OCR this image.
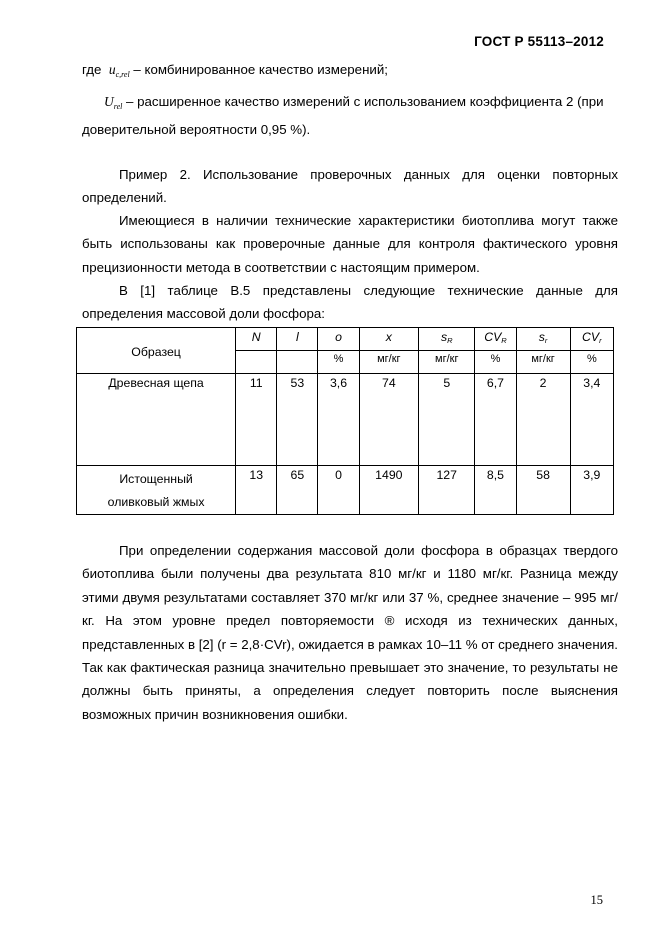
ГОСТ Р 55113–2012
где $u_{c,rel}$ – комбинированное качество измерений;
$U_{rel}$ – расширенное качество измерений с использованием коэффициента 2 (при доверительной вероятности 0,95 %).
Пример 2. Использование проверочных данных для оценки повторных определений.
Имеющиеся в наличии технические характеристики биотоплива могут также быть использованы как проверочные данные для контроля фактического уровня прецизионности метода в соответствии с настоящим примером.
В [1] таблице В.5 представлены следующие технические данные для определения массовой доли фосфора:
Образец	N	l	o	x	$s_R$	$CV_R$	$s_r$	$CV_r$
			%	мг/кг	мг/кг	%	мг/кг	%

Древесная щепа	11	53	3,6	74	5	6,7	2	3,4

Истощенный
оливковый жмых	13	65	0	1490	127	8,5	58	3,9
При определении содержания массовой доли фосфора в образцах твердого биотоплива были получены два результата 810 мг/кг и 1180 мг/кг. Разница между этими двумя результатами составляет 370 мг/кг или 37 %, среднее значение – 995 мг/кг. На этом уровне предел повторяемости ® исходя из технических данных, представленных в [2] (r = 2,8·CVr), ожидается в рамках 10–11 % от среднего значения. Так как фактическая разница значительно превышает это значение, то результаты не должны быть приняты, а определения следует повторить после выяснения возможных причин возникновения ошибки.
15
